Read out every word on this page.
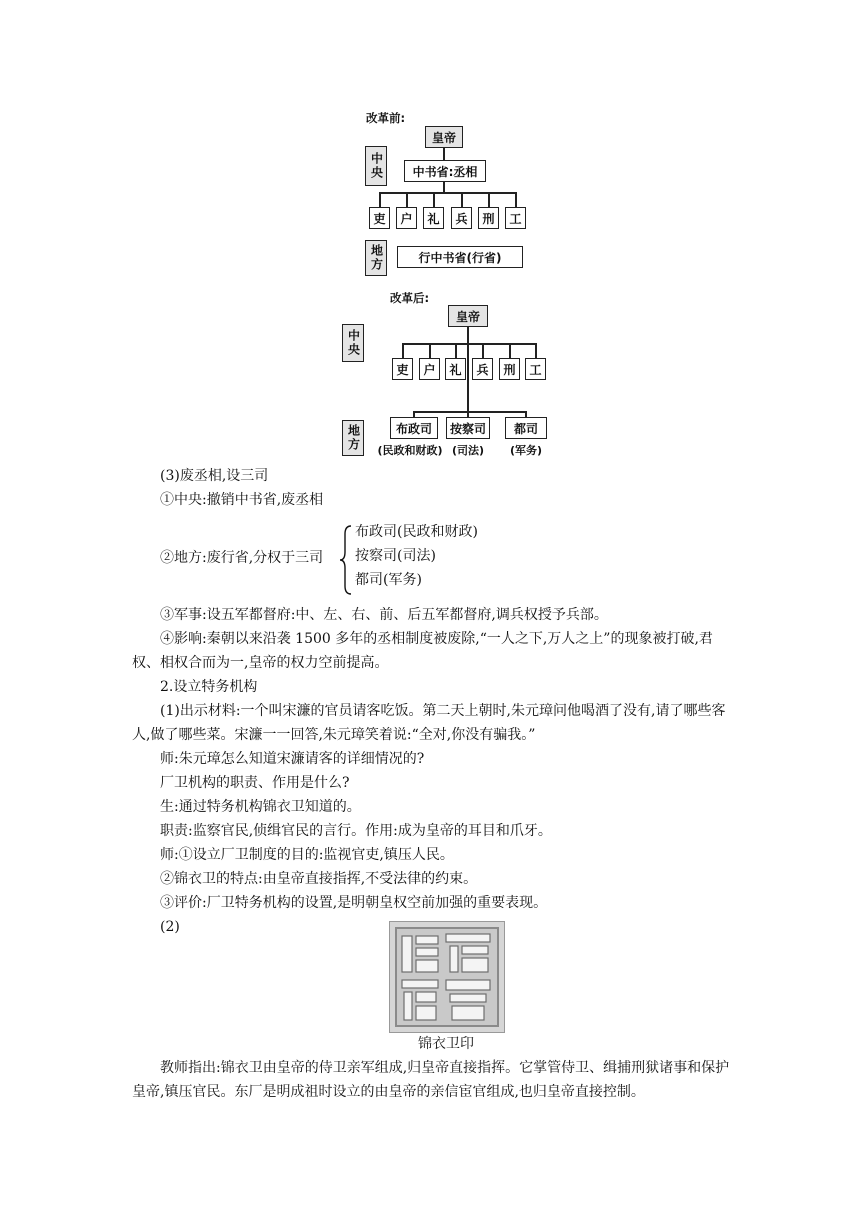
改革前:
皇帝
中央	中书省:丞相
吏	户	礼	兵	刑	工
地方	行中书省(行省)
改革后:
皇帝
中央
吏	户	礼	兵	刑	工
地方	布政司	按察司	都司
(民政和财政) (司法)	(军务)
(3)废丞相,设三司
①中央:撤销中书省,废丞相
②地方:废行省,分权于三司
布政司(民政和财政)
按察司(司法)
都司(军务)
③军事:设五军都督府:中、左、右、前、后五军都督府,调兵权授予兵部。
④影响:秦朝以来沿袭 1500 多年的丞相制度被废除,“一人之下,万人之上”的现象被打破,君权、相权合而为一,皇帝的权力空前提高。
2.设立特务机构
(1)出示材料:一个叫宋濂的官员请客吃饭。第二天上朝时,朱元璋问他喝酒了没有,请了哪些客人,做了哪些菜。宋濂一一回答,朱元璋笑着说:“全对,你没有骗我。”
师:朱元璋怎么知道宋濂请客的详细情况的?
厂卫机构的职责、作用是什么?
生:通过特务机构锦衣卫知道的。
职责:监察官民,侦缉官民的言行。作用:成为皇帝的耳目和爪牙。
师:①设立厂卫制度的目的:监视官吏,镇压人民。
②锦衣卫的特点:由皇帝直接指挥,不受法律的约束。
③评价:厂卫特务机构的设置,是明朝皇权空前加强的重要表现。
(2)
锦衣卫印
教师指出:锦衣卫由皇帝的侍卫亲军组成,归皇帝直接指挥。它掌管侍卫、缉捕刑狱诸事和保护皇帝,镇压官民。东厂是明成祖时设立的由皇帝的亲信宦官组成,也归皇帝直接控制。
